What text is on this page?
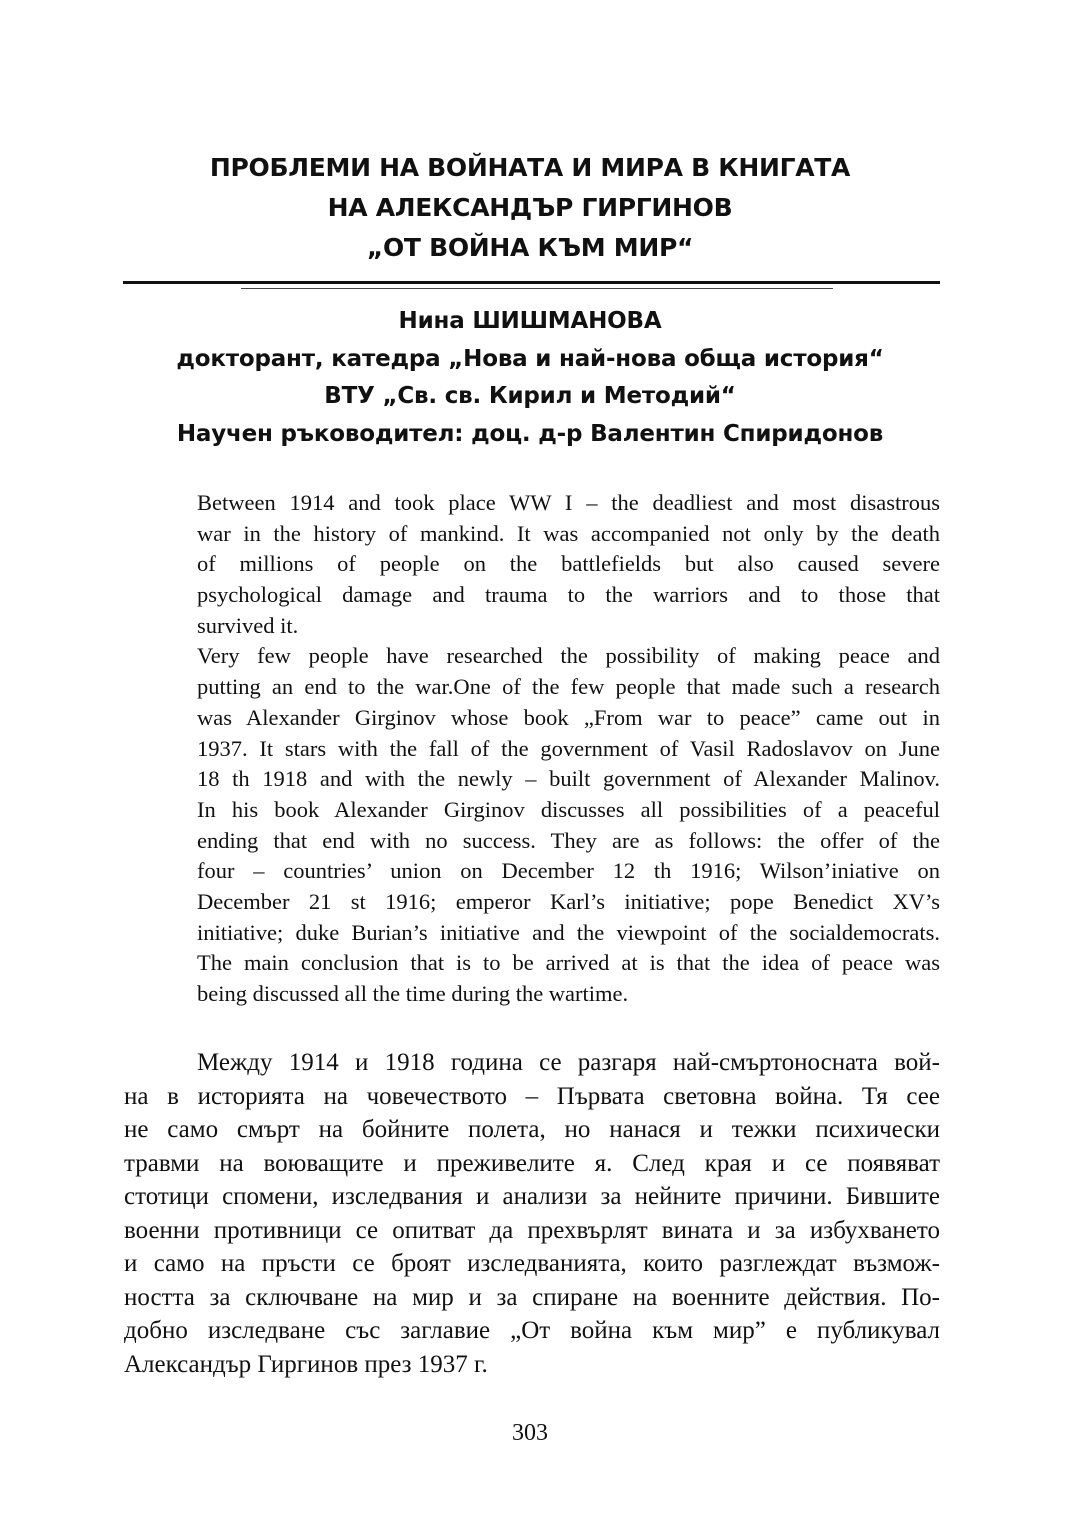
ПРОБЛЕМИ НА ВОЙНАТА И МИРА В КНИГАТА
НА АЛЕКСАНДЪР ГИРГИНОВ
„ОТ ВОЙНА КЪМ МИР“
Нина ШИШМАНОВА
докторант, катедра „Нова и най-нова обща история“
ВТУ „Св. св. Кирил и Методий“
Научен ръководител: доц. д-р Валентин Спиридонов
Between 1914 and took place WW I – the deadliest and most disastrous
war in the history of mankind. It was accompanied not only by the death
of millions of people on the battlefields but also caused severe
psychological damage and trauma to the warriors and to those that
survived it.
Very few people have researched the possibility of making peace and
putting an end to the war.One of the few people that made such a research
was Alexander Girginov whose book „From war to peace” came out in
1937. It stars with the fall of the government of Vasil Radoslavov on June
18 th 1918 and with the newly – built government of Alexander Malinov.
In his book Alexander Girginov discusses all possibilities of a peaceful
ending that end with no success. They are as follows: the offer of the
four – countries’ union on December 12 th 1916; Wilson’iniative on
December 21 st 1916; emperor Karl’s initiative; pope Benedict XV’s
initiative; duke Burian’s initiative and the viewpoint of the socialdemocrats.
The main conclusion that is to be arrived at is that the idea of peace was
being discussed all the time during the wartime.
Между 1914 и 1918 година се разгаря най-смъртоносната вой-
на в историята на човечеството – Първата световна война. Тя сее
не само смърт на бойните полета, но нанася и тежки психически
травми на воюващите и преживелите я. След края и се появяват
стотици спомени, изследвания и анализи за нейните причини. Бившите
военни противници се опитват да прехвърлят вината и за избухването
и само на пръсти се броят изследванията, които разглеждат възмож-
ността за сключване на мир и за спиране на военните действия. По-
добно изследване със заглавие „От война към мир” е публикувал
Александър Гиргинов през 1937 г.
303
